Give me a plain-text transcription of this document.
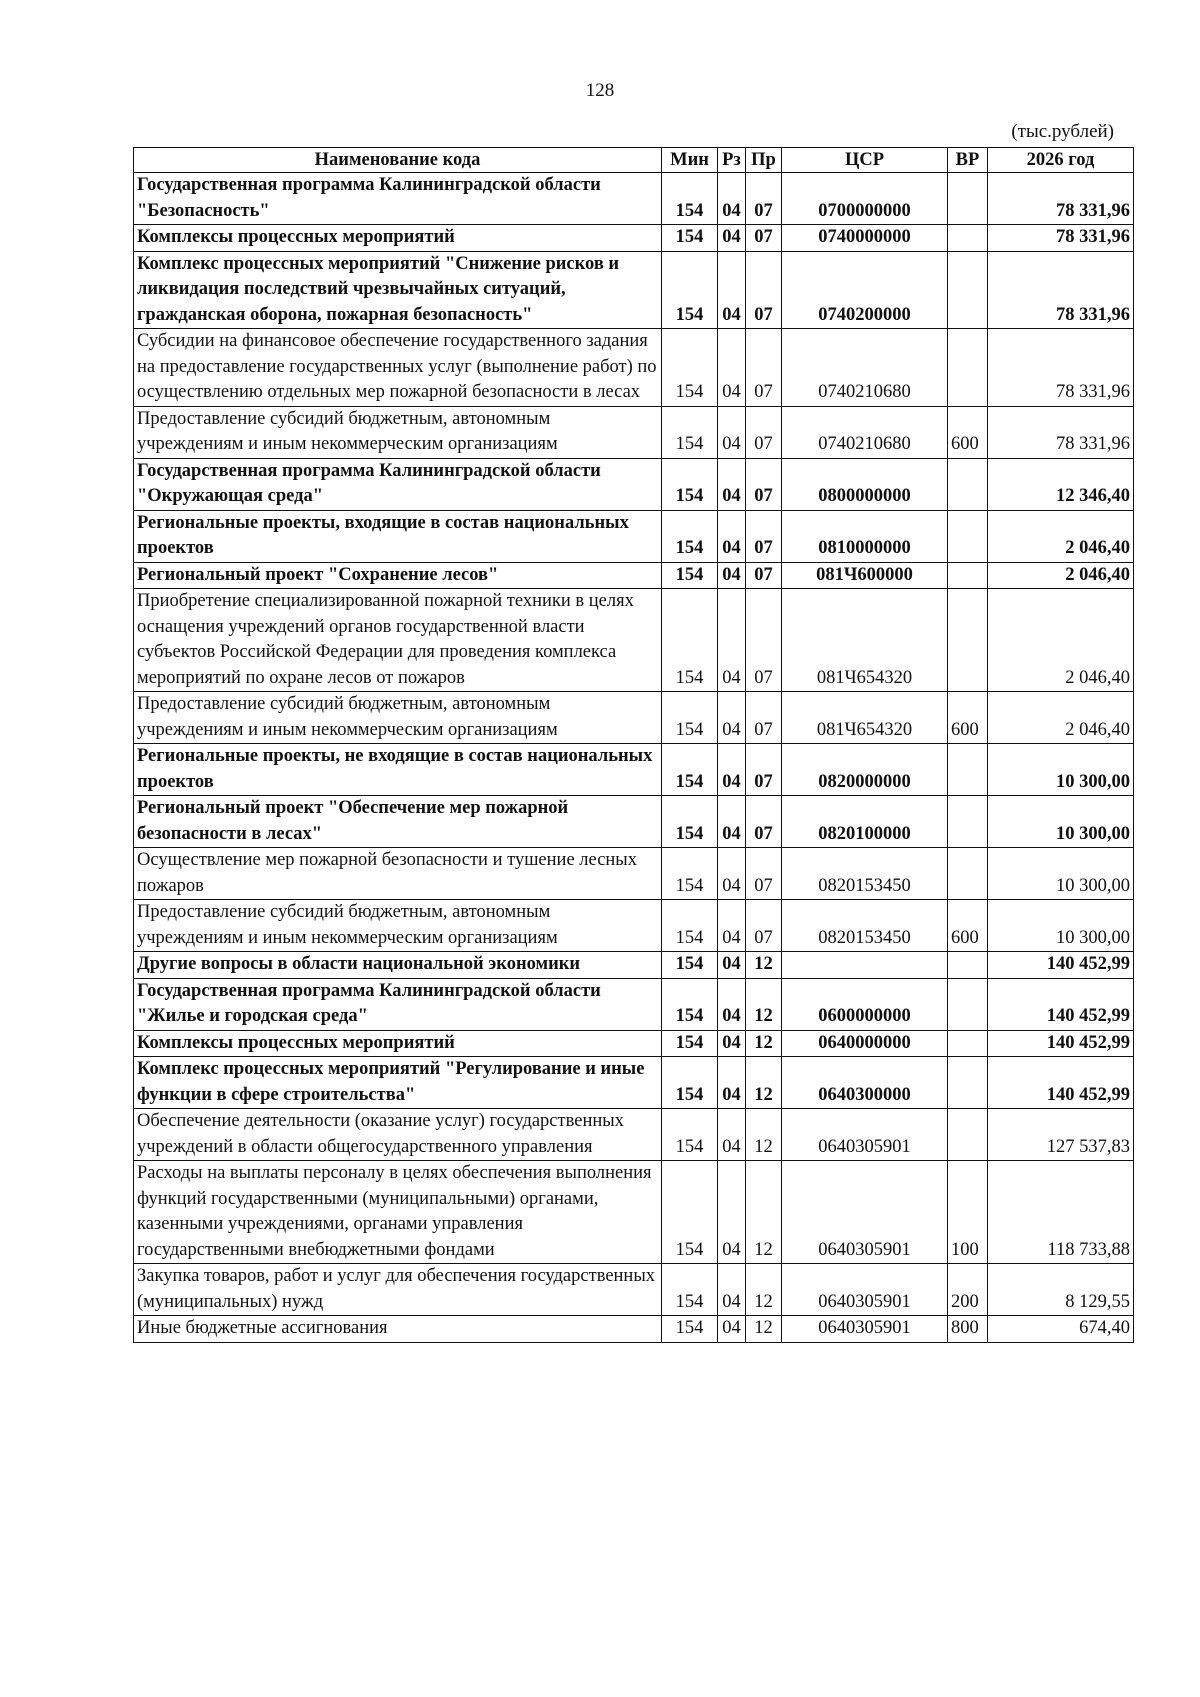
128
(тыс.рублей)
Наименование кода	Мин	Рз	Пр	ЦСР	ВР	2026 год
Государственная программа Калининградской области "Безопасность"	154	04	07	0700000000		78 331,96
Комплексы процессных мероприятий	154	04	07	0740000000		78 331,96
Комплекс процессных мероприятий "Снижение рисков и ликвидация последствий чрезвычайных ситуаций, гражданская оборона, пожарная безопасность"	154	04	07	0740200000		78 331,96
Субсидии на финансовое обеспечение государственного задания на предоставление государственных услуг (выполнение работ) по осуществлению отдельных мер пожарной безопасности в лесах	154	04	07	0740210680		78 331,96
Предоставление субсидий бюджетным, автономным учреждениям и иным некоммерческим организациям	154	04	07	0740210680	600	78 331,96
Государственная программа Калининградской области "Окружающая среда"	154	04	07	0800000000		12 346,40
Региональные проекты, входящие в состав национальных проектов	154	04	07	0810000000		2 046,40
Региональный проект "Сохранение лесов"	154	04	07	081Ч600000		2 046,40
Приобретение специализированной пожарной техники в целях оснащения учреждений органов государственной власти субъектов Российской Федерации для проведения комплекса мероприятий по охране лесов от пожаров	154	04	07	081Ч654320		2 046,40
Предоставление субсидий бюджетным, автономным учреждениям и иным некоммерческим организациям	154	04	07	081Ч654320	600	2 046,40
Региональные проекты, не входящие в состав национальных проектов	154	04	07	0820000000		10 300,00
Региональный проект "Обеспечение мер пожарной безопасности в лесах"	154	04	07	0820100000		10 300,00
Осуществление мер пожарной безопасности и тушение лесных пожаров	154	04	07	0820153450		10 300,00
Предоставление субсидий бюджетным, автономным учреждениям и иным некоммерческим организациям	154	04	07	0820153450	600	10 300,00
Другие вопросы в области национальной экономики	154	04	12			140 452,99
Государственная программа Калининградской области "Жилье и городская среда"	154	04	12	0600000000		140 452,99
Комплексы процессных мероприятий	154	04	12	0640000000		140 452,99
Комплекс процессных мероприятий "Регулирование и иные функции в сфере строительства"	154	04	12	0640300000		140 452,99
Обеспечение деятельности (оказание услуг) государственных учреждений в области общегосударственного управления	154	04	12	0640305901		127 537,83
Расходы на выплаты персоналу в целях обеспечения выполнения функций государственными (муниципальными) органами, казенными учреждениями, органами управления государственными внебюджетными фондами	154	04	12	0640305901	100	118 733,88
Закупка товаров, работ и услуг для обеспечения государственных (муниципальных) нужд	154	04	12	0640305901	200	8 129,55
Иные бюджетные ассигнования	154	04	12	0640305901	800	674,40
